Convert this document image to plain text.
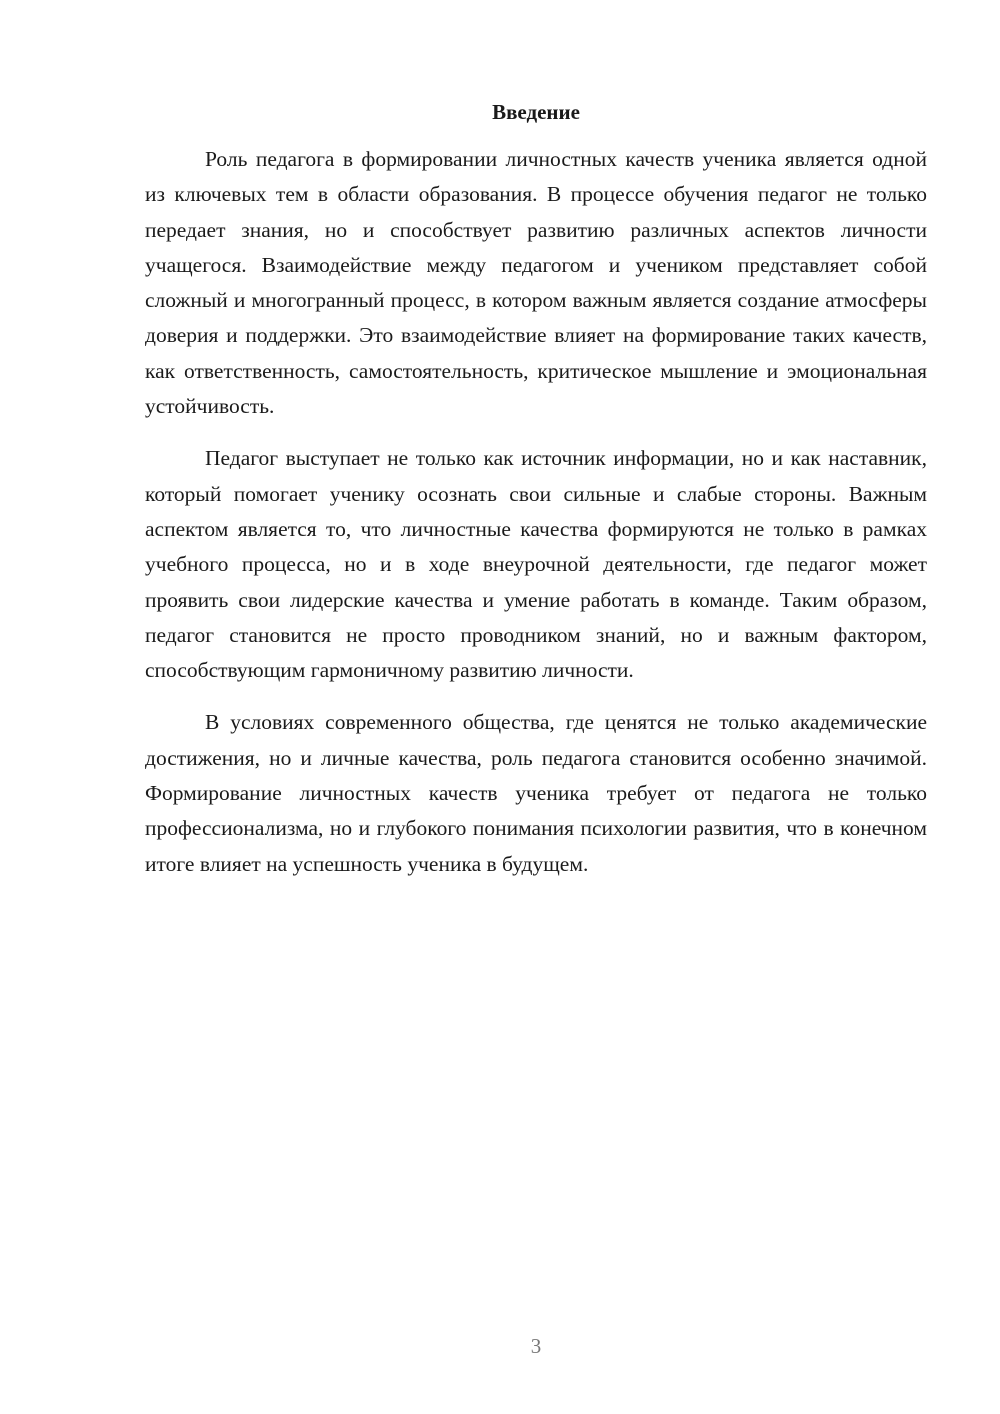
Введение

Роль педагога в формировании личностных качеств ученика является одной из ключевых тем в области образования. В процессе обучения педагог не только передает знания, но и способствует развитию различных аспектов личности учащегося. Взаимодействие между педагогом и учеником представляет собой сложный и многогранный процесс, в котором важным является создание атмосферы доверия и поддержки. Это взаимодействие влияет на формирование таких качеств, как ответственность, самостоятельность, критическое мышление и эмоциональная устойчивость.

Педагог выступает не только как источник информации, но и как наставник, который помогает ученику осознать свои сильные и слабые стороны. Важным аспектом является то, что личностные качества формируются не только в рамках учебного процесса, но и в ходе внеурочной деятельности, где педагог может проявить свои лидерские качества и умение работать в команде. Таким образом, педагог становится не просто проводником знаний, но и важным фактором, способствующим гармоничному развитию личности.

В условиях современного общества, где ценятся не только академические достижения, но и личные качества, роль педагога становится особенно значимой. Формирование личностных качеств ученика требует от педагога не только профессионализма, но и глубокого понимания психологии развития, что в конечном итоге влияет на успешность ученика в будущем.

3
